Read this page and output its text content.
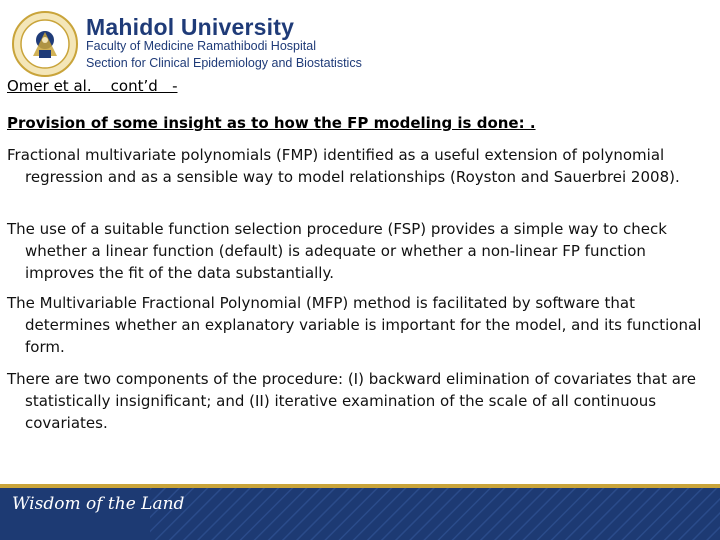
Mahidol University
Faculty of Medicine Ramathibodi Hospital
Section for Clinical Epidemiology and Biostatistics
Omer et al.    cont’d   -
Provision of some insight as to how the FP modeling is done: .
Fractional multivariate polynomials (FMP) identified as a useful extension of polynomial regression and as a sensible way to model relationships (Royston and Sauerbrei 2008).
The use of a suitable function selection procedure (FSP) provides a simple way to check whether a linear function (default) is adequate or whether a non-linear FP function improves the fit of the data substantially.
The Multivariable Fractional Polynomial (MFP) method is facilitated by software that determines whether an explanatory variable is important for the model, and its functional form.
There are two components of the procedure: (I) backward elimination of covariates that are statistically insignificant; and (II) iterative examination of the scale of all continuous covariates.
Wisdom of the Land
